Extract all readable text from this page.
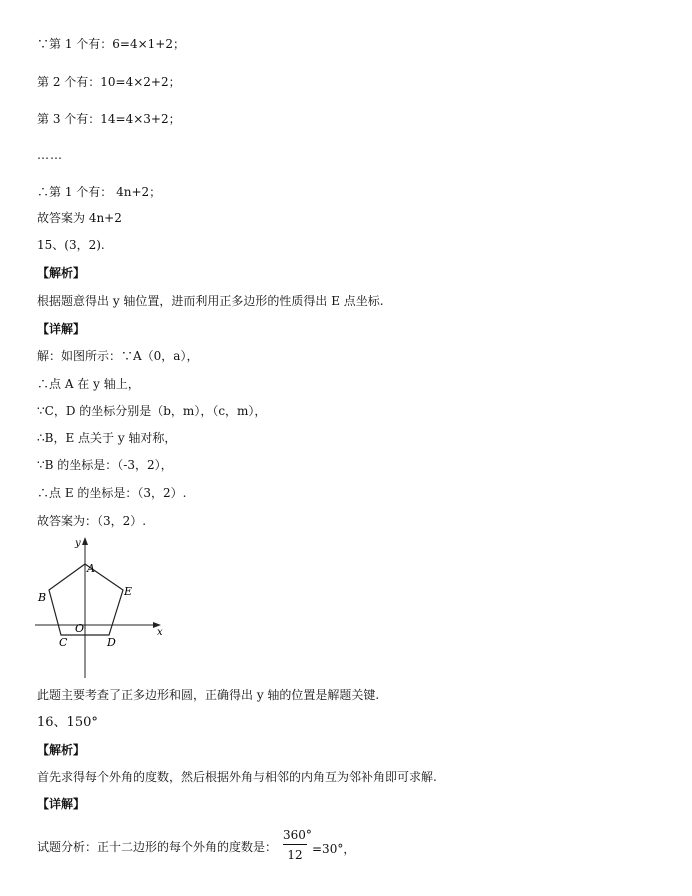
∵第 1 个有：6=4×1+2；
第 2 个有：10=4×2+2；
第 3 个有：14=4×3+2；
……
∴第 1 个有： 4n+2；
故答案为 4n+2
15、(3，2).
【解析】
根据题意得出 y 轴位置，进而利用正多边形的性质得出 E 点坐标.
【详解】
解：如图所示：∵A（0，a），
∴点 A 在 y 轴上，
∵C，D 的坐标分别是（b，m），（c，m），
∴B，E 点关于 y 轴对称，
∵B 的坐标是：（-3，2），
∴点 E 的坐标是：（3，2）.
故答案为：（3，2）.
y
x
A
B	E
C	D
O
此题主要考查了正多边形和圆，正确得出 y 轴的位置是解题关键.
16、150°
【解析】
首先求得每个外角的度数，然后根据外角与相邻的内角互为邻补角即可求解.
【详解】
试题分析：正十二边形的每个外角的度数是： $\frac{360^\circ}{12} =30^\circ$，
